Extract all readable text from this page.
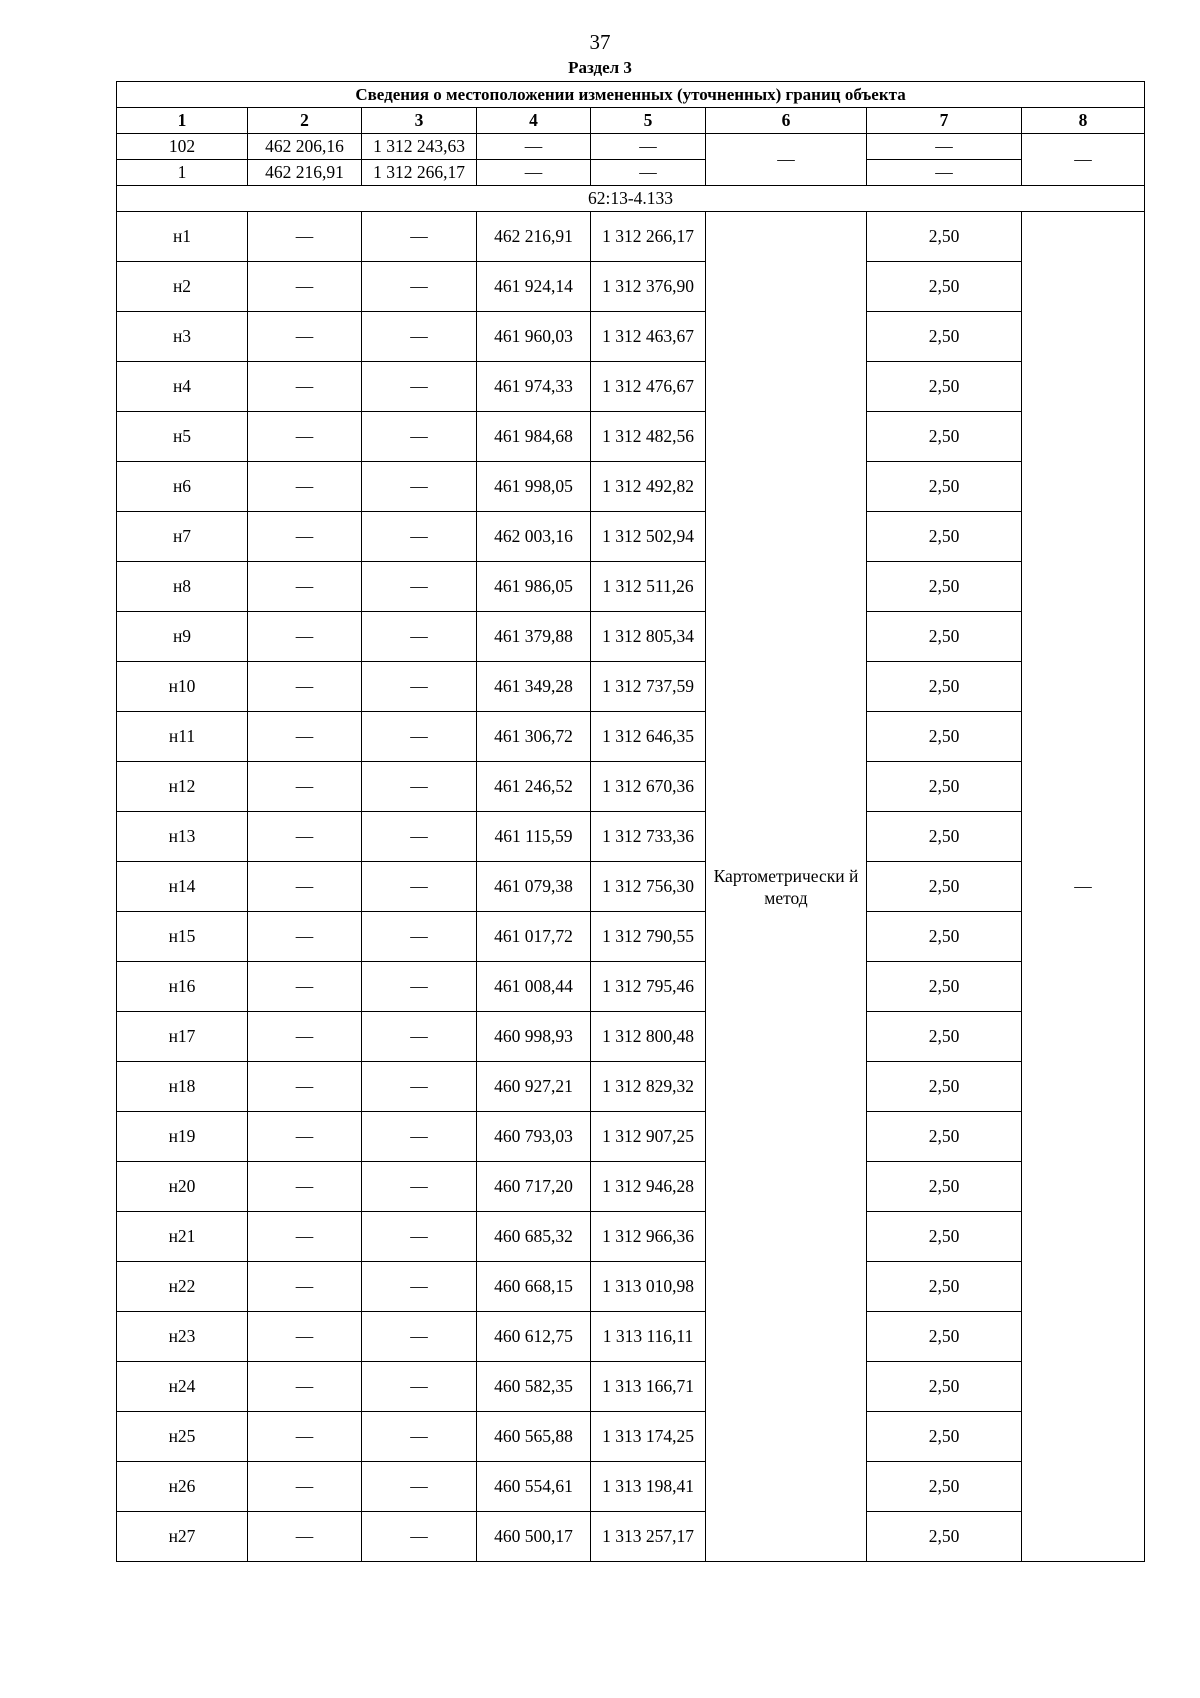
37
Раздел 3
Сведения о местоположении измененных (уточненных) границ объекта							
1	2	3	4	5	6	7	8
102	462 206,16	1 312 243,63	—	—	—	—	—
1	462 216,91	1 312 266,17	—	—		—	
62:13-4.133							
н1	—	—	462 216,91	1 312 266,17	Картометрически й метод	2,50	—
н2	—	—	461 924,14	1 312 376,90		2,50	
н3	—	—	461 960,03	1 312 463,67		2,50	
н4	—	—	461 974,33	1 312 476,67		2,50	
н5	—	—	461 984,68	1 312 482,56		2,50	
н6	—	—	461 998,05	1 312 492,82		2,50	
н7	—	—	462 003,16	1 312 502,94		2,50	
н8	—	—	461 986,05	1 312 511,26		2,50	
н9	—	—	461 379,88	1 312 805,34		2,50	
н10	—	—	461 349,28	1 312 737,59		2,50	
н11	—	—	461 306,72	1 312 646,35		2,50	
н12	—	—	461 246,52	1 312 670,36		2,50	
н13	—	—	461 115,59	1 312 733,36		2,50	
н14	—	—	461 079,38	1 312 756,30		2,50	
н15	—	—	461 017,72	1 312 790,55		2,50	
н16	—	—	461 008,44	1 312 795,46		2,50	
н17	—	—	460 998,93	1 312 800,48		2,50	
н18	—	—	460 927,21	1 312 829,32		2,50	
н19	—	—	460 793,03	1 312 907,25		2,50	
н20	—	—	460 717,20	1 312 946,28		2,50	
н21	—	—	460 685,32	1 312 966,36		2,50	
н22	—	—	460 668,15	1 313 010,98		2,50	
н23	—	—	460 612,75	1 313 116,11		2,50	
н24	—	—	460 582,35	1 313 166,71		2,50	
н25	—	—	460 565,88	1 313 174,25		2,50	
н26	—	—	460 554,61	1 313 198,41		2,50	
н27	—	—	460 500,17	1 313 257,17		2,50	
